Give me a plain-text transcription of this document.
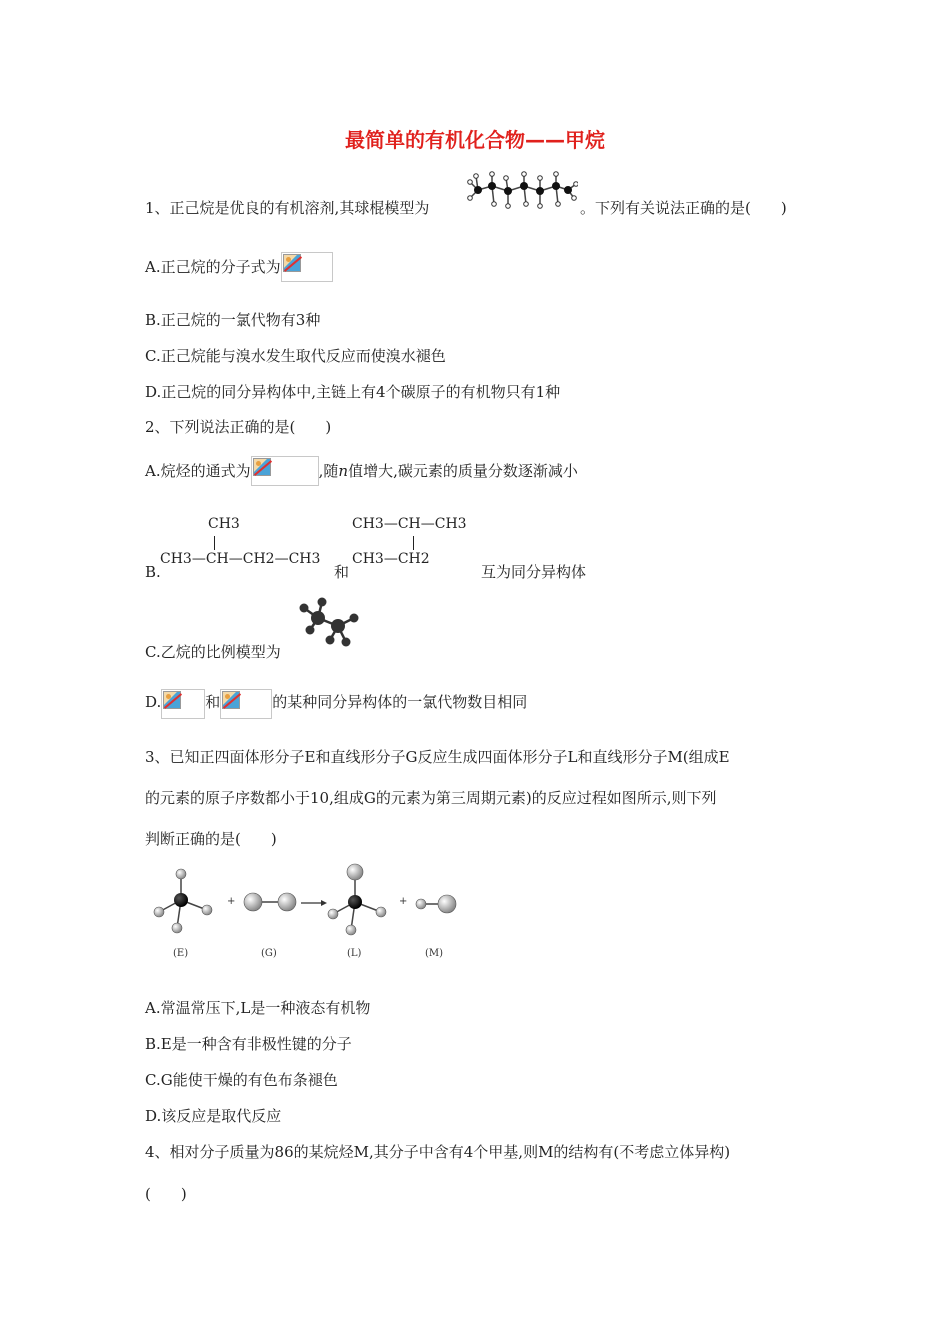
最简单的有机化合物——甲烷
1、正己烷是优良的有机溶剂,其球棍模型为	。下列有关说法正确的是(　　)
A.正己烷的分子式为
B.正己烷的一氯代物有3种
C.正己烷能与溴水发生取代反应而使溴水褪色
D.正己烷的同分异构体中,主链上有4个碳原子的有机物只有1种
2、下列说法正确的是(　　)
A.烷烃的通式为	,随n值增大,碳元素的质量分数逐渐减小
B.
CH3
CH3—CH—CH2—CH3
和
CH3—CH—CH3
CH3—CH2
互为同分异构体
C.乙烷的比例模型为
D.	和	的某种同分异构体的一氯代物数目相同
3、已知正四面体形分子E和直线形分子G反应生成四面体形分子L和直线形分子M(组成E
的元素的原子序数都小于10,组成G的元素为第三周期元素)的反应过程如图所示,则下列
判断正确的是(　　)
+	+
(E)	(G)	(L)	(M)
A.常温常压下,L是一种液态有机物
B.E是一种含有非极性键的分子
C.G能使干燥的有色布条褪色
D.该反应是取代反应
4、相对分子质量为86的某烷烃M,其分子中含有4个甲基,则M的结构有(不考虑立体异构)
(　　)
